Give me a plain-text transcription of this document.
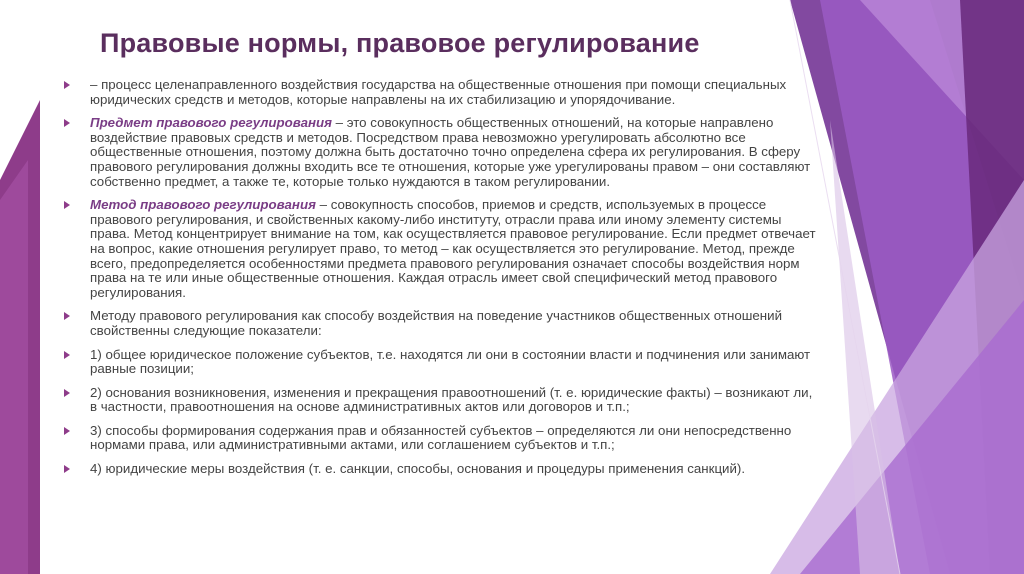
Правовые нормы, правовое регулирование
– процесс целенаправленного воздействия государства на общественные отношения при помощи специальных юридических средств и методов, которые направлены на их стабилизацию и упорядочивание.
Предмет правового регулирования – это совокупность общественных отношений, на которые направлено воздействие правовых средств и методов. Посредством права невозможно урегулировать абсолютно все общественные отношения, поэтому должна быть достаточно точно определена сфера их регулирования. В сферу правового регулирования должны входить все те отношения, которые уже урегулированы правом – они составляют собственно предмет, а также те, которые только нуждаются в таком регулировании.
Метод правового регулирования – совокупность способов, приемов и средств, используемых в процессе правового регулирования, и свойственных какому-либо институту, отрасли права или иному элементу системы права. Метод концентрирует внимание на том, как осуществляется правовое регулирование. Если предмет отвечает на вопрос, какие отношения регулирует право, то метод – как осуществляется это регулирование. Метод, прежде всего, предопределяется особенностями предмета правового регулирования означает способы воздействия норм права на те или иные общественные отношения. Каждая отрасль имеет свой специфический метод правового регулирования.
Методу правового регулирования как способу воздействия на поведение участников общественных отношений свойственны следующие показатели:
1) общее юридическое положение субъектов, т.е. находятся ли они в состоянии власти и подчинения или занимают равные позиции;
2) основания возникновения, изменения и прекращения правоотношений (т. е. юридические факты) – возникают ли, в частности, правоотношения на основе административных актов или договоров и т.п.;
3) способы формирования содержания прав и обязанностей субъектов – определяются ли они непосредственно нормами права, или административными актами, или соглашением субъектов и т.п.;
4) юридические меры воздействия (т. е. санкции, способы, основания и процедуры применения санкций).
